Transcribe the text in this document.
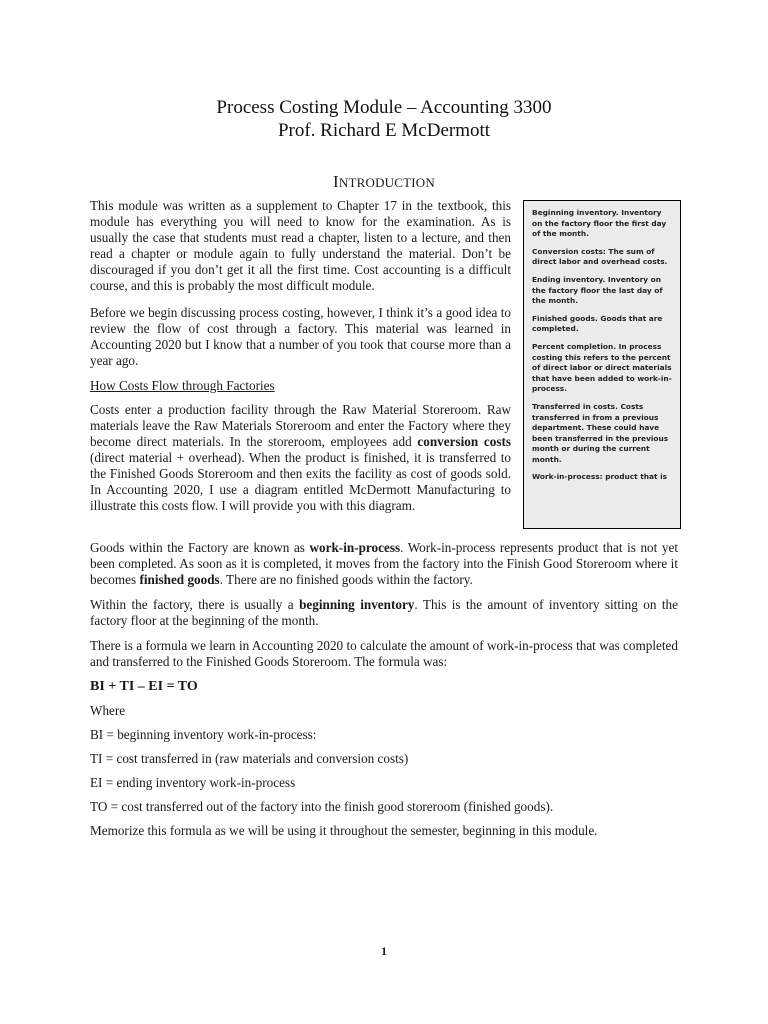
Process Costing Module – Accounting 3300
Prof. Richard E McDermott
INTRODUCTION

This module was written as a supplement to Chapter 17 in the textbook, this module has everything you will need to know for the examination. As is usually the case that students must read a chapter, listen to a lecture, and then read a chapter or module again to fully understand the material. Don’t be discouraged if you don’t get it all the first time. Cost accounting is a difficult course, and this is probably the most difficult module.

Before we begin discussing process costing, however, I think it’s a good idea to review the flow of cost through a factory. This material was learned in Accounting 2020 but I know that a number of you took that course more than a year ago.

How Costs Flow through Factories

Costs enter a production facility through the Raw Material Storeroom. Raw materials leave the Raw Materials Storeroom and enter the Factory where they become direct materials. In the storeroom, employees add conversion costs (direct material + overhead). When the product is finished, it is transferred to the Finished Goods Storeroom and then exits the facility as cost of goods sold. In Accounting 2020, I use a diagram entitled McDermott Manufacturing to illustrate this costs flow. I will provide you with this diagram.

Beginning inventory. Inventory on the factory floor the first day of the month.
Conversion costs: The sum of direct labor and overhead costs.
Ending inventory. Inventory on the factory floor the last day of the month.
Finished goods. Goods that are completed.
Percent completion. In process costing this refers to the percent of direct labor or direct materials that have been added to work-in-process.
Transferred in costs. Costs transferred in from a previous department. These could have been transferred in the previous month or during the current month.
Work-in-process: product that is

Goods within the Factory are known as work-in-process. Work-in-process represents product that is not yet been completed. As soon as it is completed, it moves from the factory into the Finish Good Storeroom where it becomes finished goods. There are no finished goods within the factory.

Within the factory, there is usually a beginning inventory. This is the amount of inventory sitting on the factory floor at the beginning of the month.

There is a formula we learn in Accounting 2020 to calculate the amount of work-in-process that was completed and transferred to the Finished Goods Storeroom. The formula was:

BI + TI – EI = TO

Where

BI = beginning inventory work-in-process:

TI = cost transferred in (raw materials and conversion costs)

EI = ending inventory work-in-process

TO = cost transferred out of the factory into the finish good storeroom (finished goods).

Memorize this formula as we will be using it throughout the semester, beginning in this module.

1
